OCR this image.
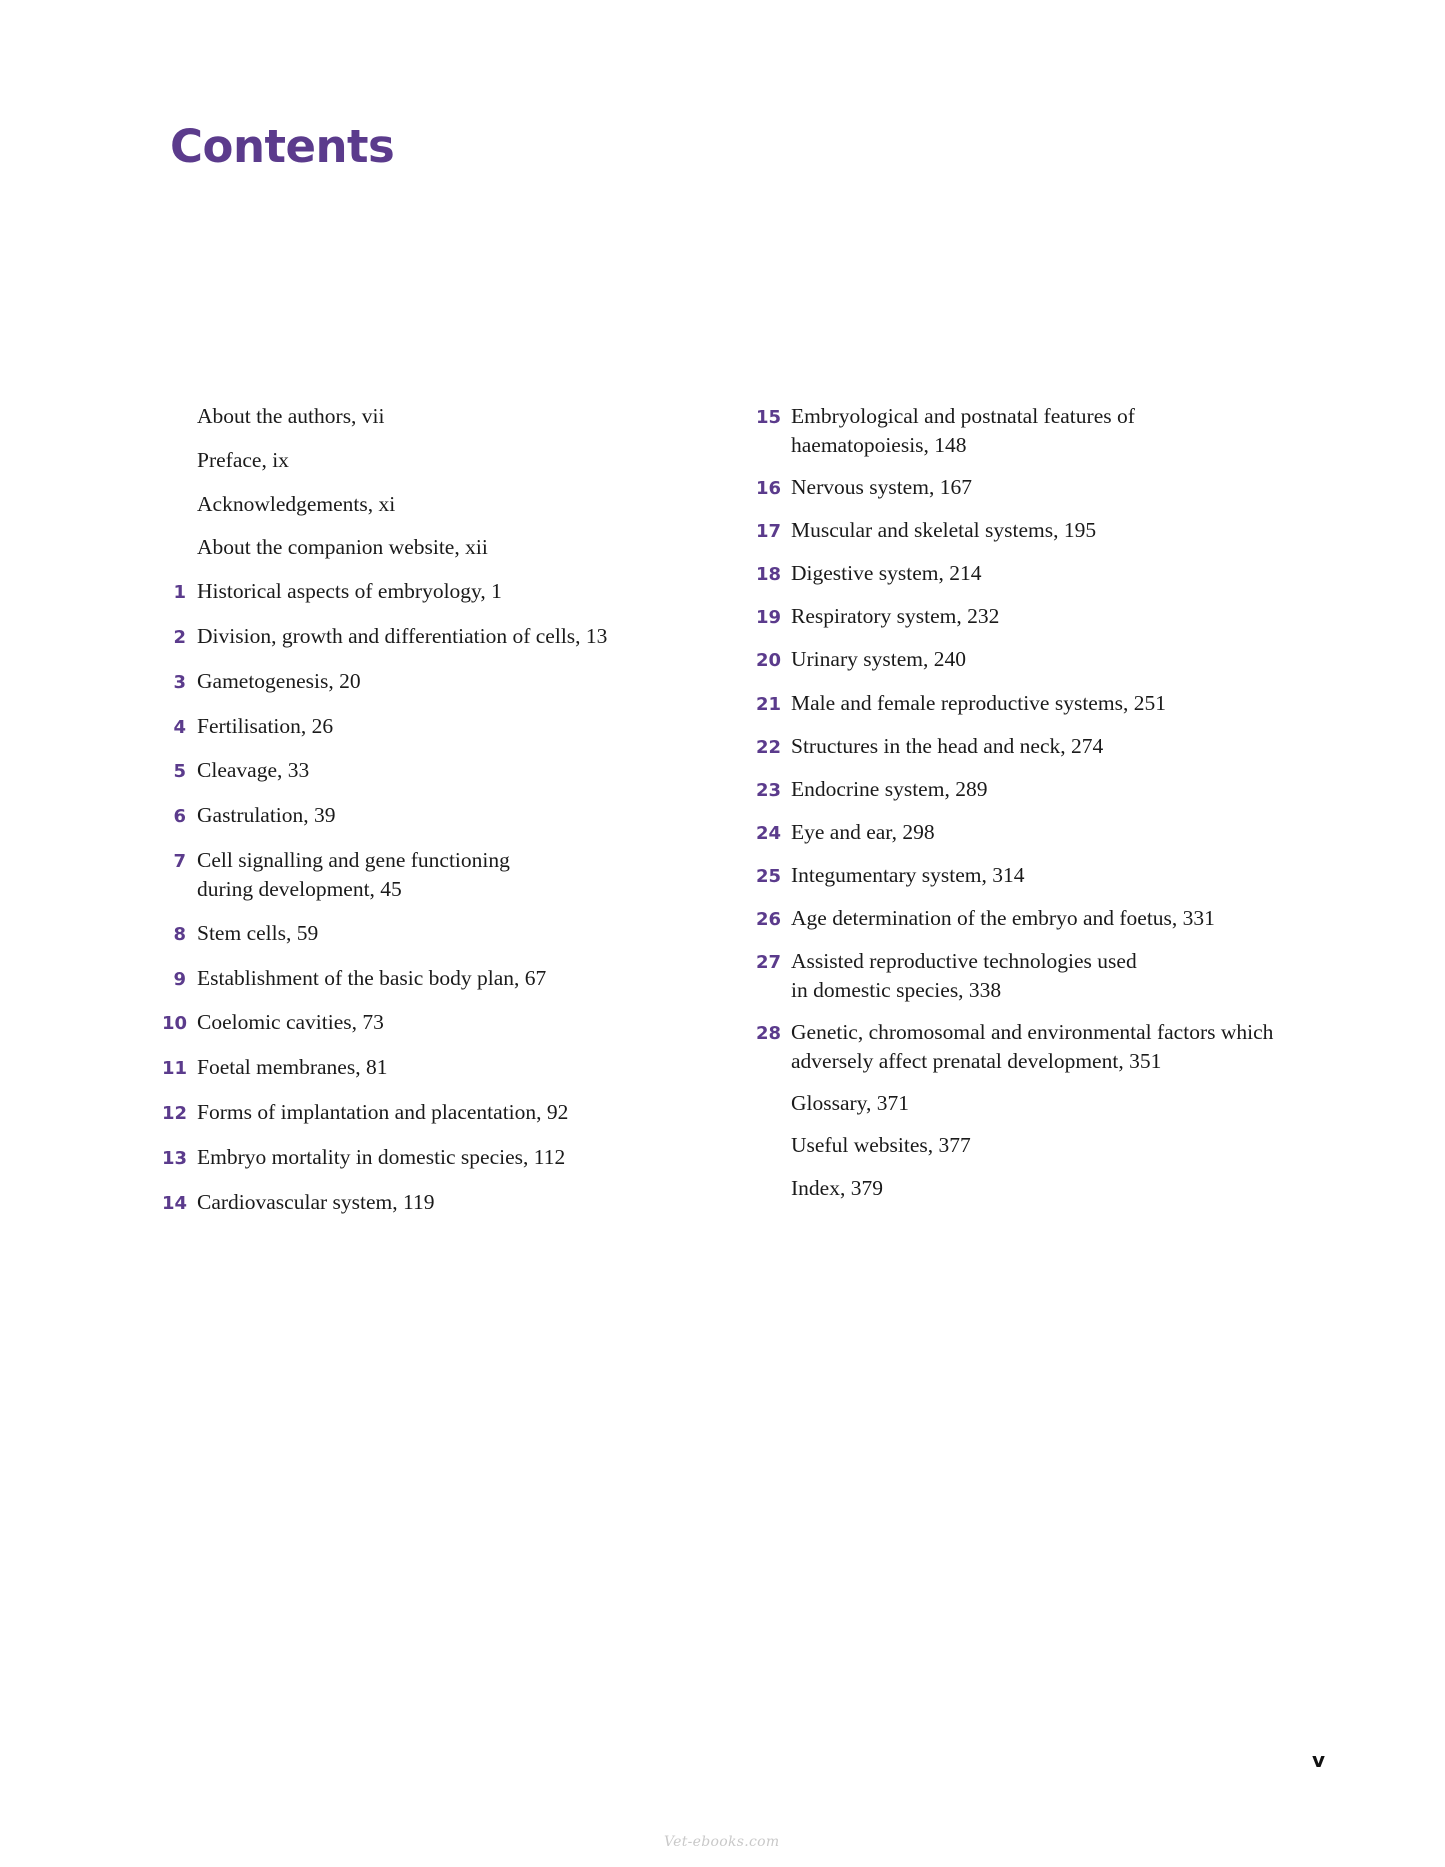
Contents
About the authors, vii
Preface, ix
Acknowledgements, xi
About the companion website, xii
1 Historical aspects of embryology, 1
2 Division, growth and differentiation of cells, 13
3 Gametogenesis, 20
4 Fertilisation, 26
5 Cleavage, 33
6 Gastrulation, 39
7 Cell signalling and gene functioning
during development, 45
8 Stem cells, 59
9 Establishment of the basic body plan, 67
10 Coelomic cavities, 73
11 Foetal membranes, 81
12 Forms of implantation and placentation, 92
13 Embryo mortality in domestic species, 112
14 Cardiovascular system, 119
15 Embryological and postnatal features of
haematopoiesis, 148
16 Nervous system, 167
17 Muscular and skeletal systems, 195
18 Digestive system, 214
19 Respiratory system, 232
20 Urinary system, 240
21 Male and female reproductive systems, 251
22 Structures in the head and neck, 274
23 Endocrine system, 289
24 Eye and ear, 298
25 Integumentary system, 314
26 Age determination of the embryo and foetus, 331
27 Assisted reproductive technologies used
in domestic species, 338
28 Genetic, chromosomal and environmental factors which
adversely affect prenatal development, 351
Glossary, 371
Useful websites, 377
Index, 379
v
Vet-ebooks.com
